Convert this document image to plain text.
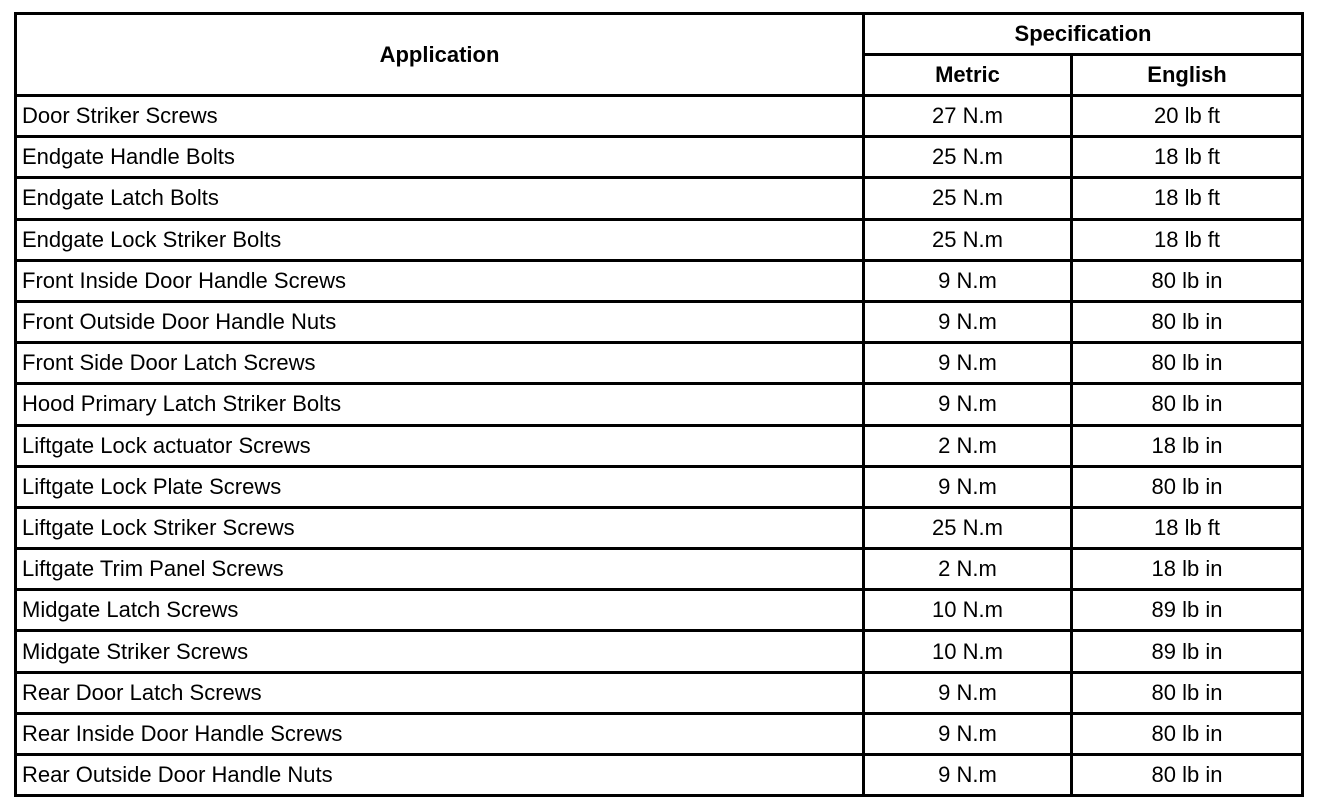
Application	Specification	
	Metric	English
Door Striker Screws	27 N.m	20 lb ft
Endgate Handle Bolts	25 N.m	18 lb ft
Endgate Latch Bolts	25 N.m	18 lb ft
Endgate Lock Striker Bolts	25 N.m	18 lb ft
Front Inside Door Handle Screws	9 N.m	80 lb in
Front Outside Door Handle Nuts	9 N.m	80 lb in
Front Side Door Latch Screws	9 N.m	80 lb in
Hood Primary Latch Striker Bolts	9 N.m	80 lb in
Liftgate Lock actuator Screws	2 N.m	18 lb in
Liftgate Lock Plate Screws	9 N.m	80 lb in
Liftgate Lock Striker Screws	25 N.m	18 lb ft
Liftgate Trim Panel Screws	2 N.m	18 lb in
Midgate Latch Screws	10 N.m	89 lb in
Midgate Striker Screws	10 N.m	89 lb in
Rear Door Latch Screws	9 N.m	80 lb in
Rear Inside Door Handle Screws	9 N.m	80 lb in
Rear Outside Door Handle Nuts	9 N.m	80 lb in
